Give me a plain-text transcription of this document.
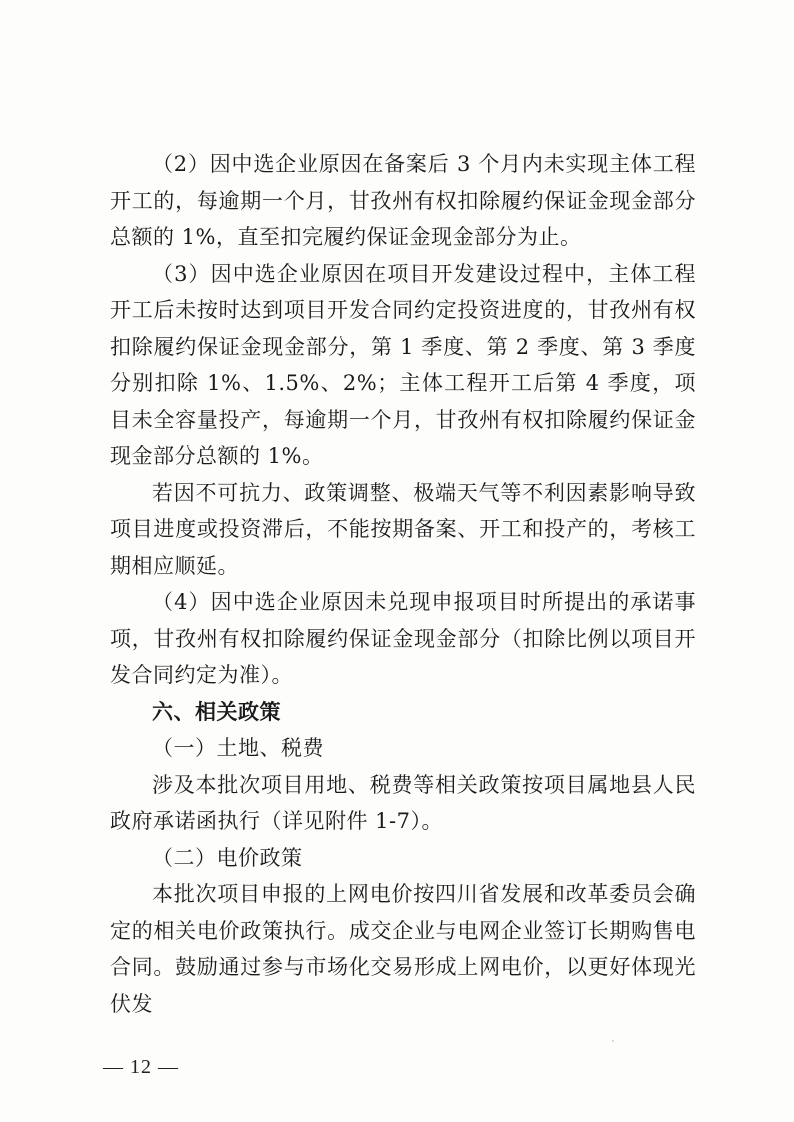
（2）因中选企业原因在备案后 3 个月内未实现主体工程开工的，每逾期一个月，甘孜州有权扣除履约保证金现金部分总额的 1%，直至扣完履约保证金现金部分为止。

（3）因中选企业原因在项目开发建设过程中，主体工程开工后未按时达到项目开发合同约定投资进度的，甘孜州有权扣除履约保证金现金部分，第 1 季度、第 2 季度、第 3 季度分别扣除 1%、1.5%、2%；主体工程开工后第 4 季度，项目未全容量投产，每逾期一个月，甘孜州有权扣除履约保证金现金部分总额的 1%。

若因不可抗力、政策调整、极端天气等不利因素影响导致项目进度或投资滞后，不能按期备案、开工和投产的，考核工期相应顺延。

（4）因中选企业原因未兑现申报项目时所提出的承诺事项，甘孜州有权扣除履约保证金现金部分（扣除比例以项目开发合同约定为准）。

六、相关政策

（一）土地、税费

涉及本批次项目用地、税费等相关政策按项目属地县人民政府承诺函执行（详见附件 1-7）。

（二）电价政策

本批次项目申报的上网电价按四川省发展和改革委员会确定的相关电价政策执行。成交企业与电网企业签订长期购售电合同。鼓励通过参与市场化交易形成上网电价，以更好体现光伏发

— 12 —
